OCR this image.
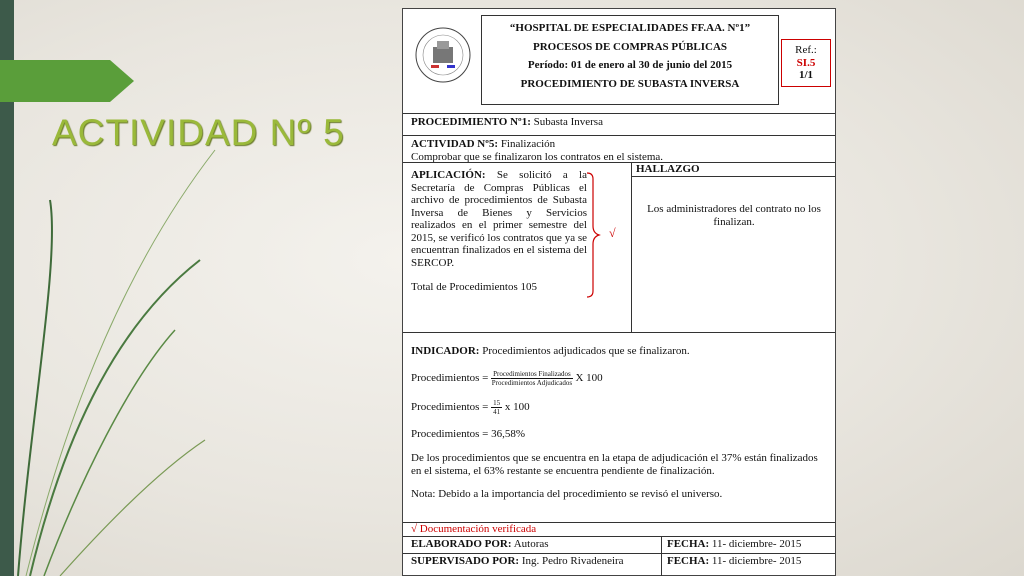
ACTIVIDAD Nº 5
“HOSPITAL DE ESPECIALIDADES FF.AA. Nº1”
PROCESOS DE COMPRAS PÚBLICAS
Período: 01 de enero al 30 de junio del 2015
PROCEDIMIENTO DE SUBASTA INVERSA
Ref.:
SI.5
1/1
PROCEDIMIENTO Nº1: Subasta Inversa
ACTIVIDAD Nº5: Finalización
Comprobar que se finalizaron los contratos en el sistema.
APLICACIÓN: Se solicitó a la Secretaría de Compras Públicas el archivo de procedimientos de Subasta Inversa de Bienes y Servicios realizados en el primer semestre del 2015, se verificó los contratos que ya se encuentran finalizados en el sistema del SERCOP.
Total de Procedimientos 105
√
HALLAZGO
Los administradores del contrato no los finalizan.
INDICADOR: Procedimientos adjudicados que se finalizaron.
Procedimientos = $\frac{\text{Procedimientos Finalizados}}{\text{Procedimientos Adjudicados}}$ X 100
Procedimientos = $\frac{15}{41}$ x 100
Procedimientos = 36,58%
De los procedimientos que se encuentra en la etapa de adjudicación el 37% están finalizados en el sistema, el 63% restante se encuentra pendiente de finalización.
Nota: Debido a la importancia del procedimiento se revisó el universo.
√ Documentación verificada
ELABORADO POR: Autoras	FECHA: 11- diciembre- 2015
SUPERVISADO POR: Ing. Pedro Rivadeneira	FECHA: 11- diciembre- 2015
